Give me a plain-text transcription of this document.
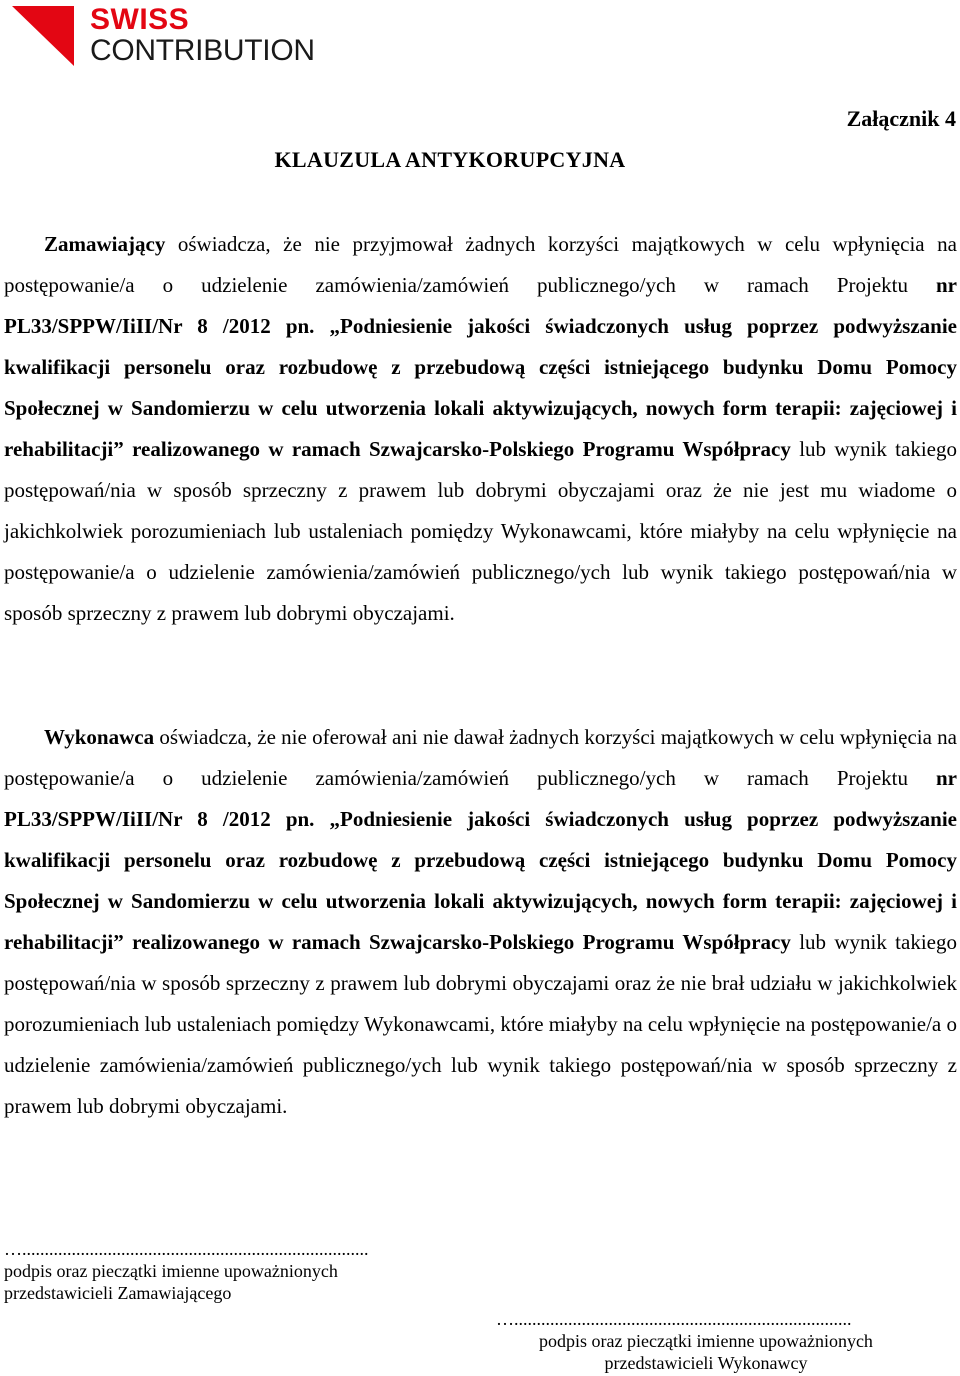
SWISS
CONTRIBUTION
Załącznik 4
KLAUZULA ANTYKORUPCYJNA

Zamawiający oświadcza, że nie przyjmował żadnych korzyści majątkowych w celu wpłynięcia na postępowanie/a o udzielenie zamówienia/zamówień publicznego/ych w ramach Projektu nr PL33/SPPW/IiII/Nr 8 /2012 pn. „Podniesienie jakości świadczonych usług poprzez podwyższanie kwalifikacji personelu oraz rozbudowę z przebudową części istniejącego budynku Domu Pomocy Społecznej w Sandomierzu w celu utworzenia lokali aktywizujących, nowych form terapii: zajęciowej i rehabilitacji” realizowanego w ramach Szwajcarsko-Polskiego Programu Współpracy lub wynik takiego postępowań/nia w sposób sprzeczny z prawem lub dobrymi obyczajami oraz że nie jest mu wiadome o jakichkolwiek porozumieniach lub ustaleniach pomiędzy Wykonawcami, które miałyby na celu wpłynięcie na postępowanie/a o udzielenie zamówienia/zamówień publicznego/ych lub wynik takiego postępowań/nia w sposób sprzeczny z prawem lub dobrymi obyczajami.

Wykonawca oświadcza, że nie oferował ani nie dawał żadnych korzyści majątkowych w celu wpłynięcia na postępowanie/a o udzielenie zamówienia/zamówień publicznego/ych w ramach Projektu nr PL33/SPPW/IiII/Nr 8 /2012 pn. „Podniesienie jakości świadczonych usług poprzez podwyższanie kwalifikacji personelu oraz rozbudowę z przebudową części istniejącego budynku Domu Pomocy Społecznej w Sandomierzu w celu utworzenia lokali aktywizujących, nowych form terapii: zajęciowej i rehabilitacji” realizowanego w ramach Szwajcarsko-Polskiego Programu Współpracy lub wynik takiego postępowań/nia w sposób sprzeczny z prawem lub dobrymi obyczajami oraz że nie brał udziału w jakichkolwiek porozumieniach lub ustaleniach pomiędzy Wykonawcami, które miałyby na celu wpłynięcie na postępowanie/a o udzielenie zamówienia/zamówień publicznego/ych lub wynik takiego postępowań/nia w sposób sprzeczny z prawem lub dobrymi obyczajami.

….............................................................................
podpis oraz pieczątki imienne upoważnionych
przedstawicieli Zamawiającego
…...........................................................................
podpis oraz pieczątki imienne upoważnionych
przedstawicieli Wykonawcy
